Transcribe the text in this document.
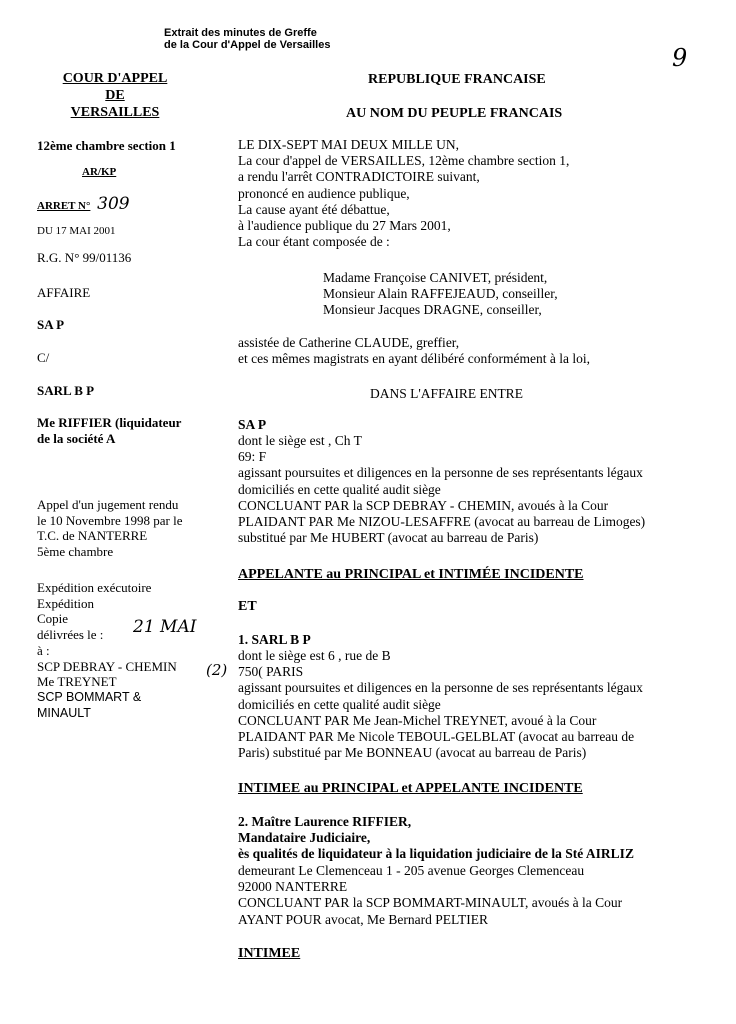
Extrait des minutes de Greffe
de la Cour d'Appel de Versailles	9
COUR D'APPEL
DE
VERSAILLES
REPUBLIQUE FRANCAISE
AU NOM DU PEUPLE FRANCAIS
12ème chambre section 1
AR/KP
ARRET N° 309
DU 17 MAI 2001
R.G. N° 99/01136
AFFAIRE
SA P
C/
SARL B P
Me RIFFIER (liquidateur
de la société A
Appel d'un jugement rendu
le 10 Novembre 1998 par le
T.C. de NANTERRE
5ème chambre
Expédition exécutoire
Expédition
Copie
délivrées le :
à :
SCP DEBRAY - CHEMIN
Me TREYNET
SCP BOMMART &
MINAULT
21 MAI
(2)
LE DIX-SEPT MAI DEUX MILLE UN,
La cour d'appel de VERSAILLES, 12ème chambre section 1,
a rendu l'arrêt CONTRADICTOIRE suivant,
prononcé en audience publique,
La cause ayant été débattue,
à l'audience publique du 27 Mars 2001,
La cour étant composée de :
Madame Françoise CANIVET, président,
Monsieur Alain RAFFEJEAUD, conseiller,
Monsieur Jacques DRAGNE, conseiller,
assistée de Catherine CLAUDE, greffier,
et ces mêmes magistrats en ayant délibéré conformément à la loi,
DANS L'AFFAIRE ENTRE
SA P
dont le siège est , Ch T
69: F
agissant poursuites et diligences en la personne de ses représentants légaux
domiciliés en cette qualité audit siège
CONCLUANT PAR la SCP DEBRAY - CHEMIN, avoués à la Cour
PLAIDANT PAR Me NIZOU-LESAFFRE (avocat au barreau de Limoges)
substitué par Me HUBERT (avocat au barreau de Paris)
APPELANTE au PRINCIPAL et INTIMÉE INCIDENTE
ET
1. SARL B P
dont le siège est 6 , rue de B
750( PARIS
agissant poursuites et diligences en la personne de ses représentants légaux
domiciliés en cette qualité audit siège
CONCLUANT PAR Me Jean-Michel TREYNET, avoué à la Cour
PLAIDANT PAR Me Nicole TEBOUL-GELBLAT (avocat au barreau de
Paris) substitué par Me BONNEAU (avocat au barreau de Paris)
INTIMEE au PRINCIPAL et APPELANTE INCIDENTE
2. Maître Laurence RIFFIER,
Mandataire Judiciaire,
ès qualités de liquidateur à la liquidation judiciaire de la Sté AIRLIZ
demeurant Le Clemenceau 1 - 205 avenue Georges Clemenceau
92000 NANTERRE
CONCLUANT PAR la SCP BOMMART-MINAULT, avoués à la Cour
AYANT POUR avocat, Me Bernard PELTIER
INTIMEE
